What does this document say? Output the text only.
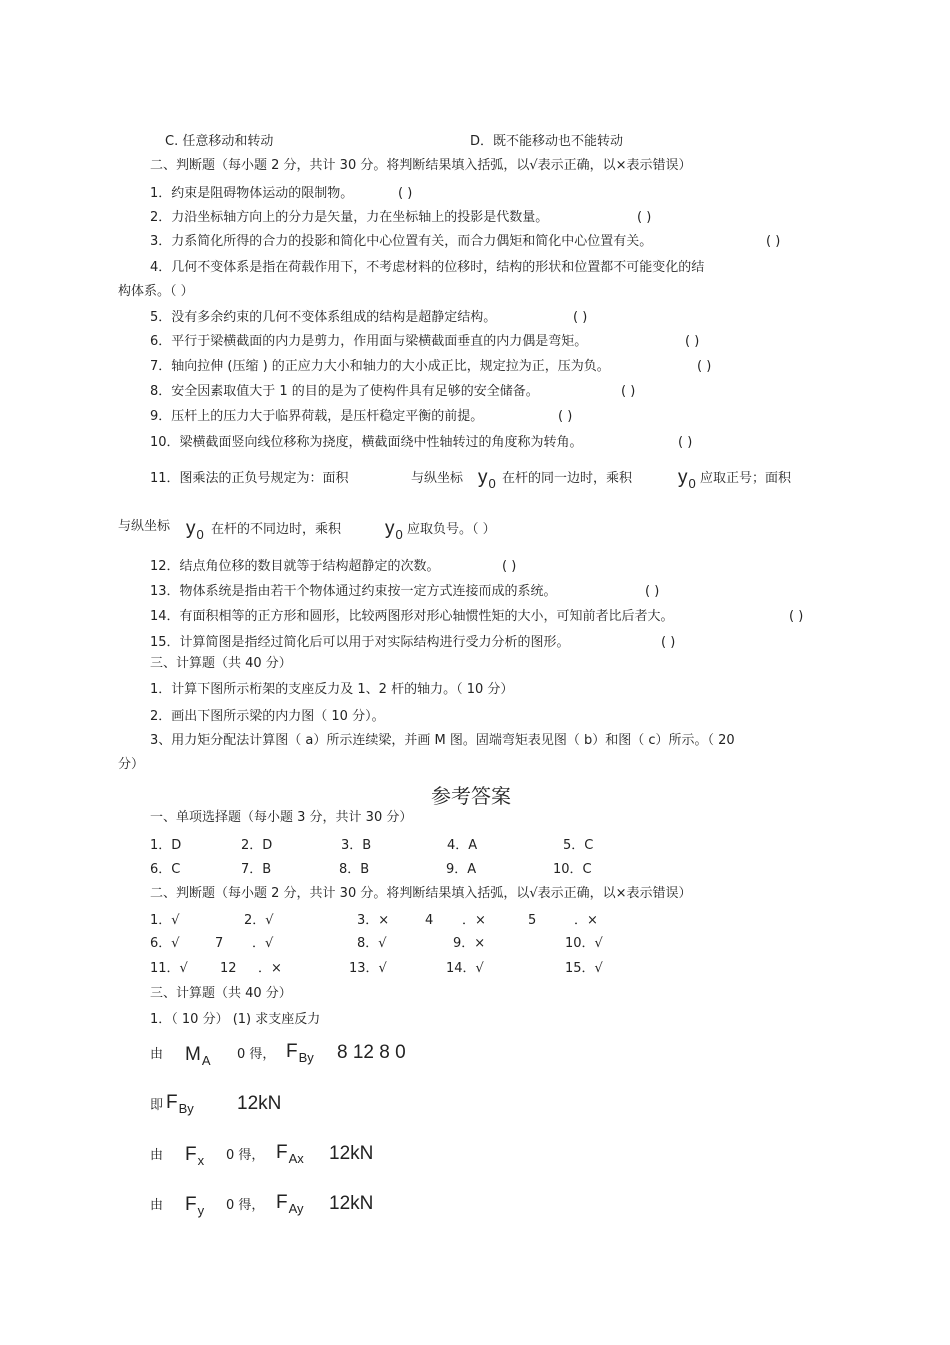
C. 任意移动和转动	D．既不能移动也不能转动
二、判断题（每小题 2 分，共计 30 分。将判断结果填入括弧，以√表示正确，以×表示错误）
1．约束是阻碍物体运动的限制物。	( )
2．力沿坐标轴方向上的分力是矢量，力在坐标轴上的投影是代数量。	( )
3．力系简化所得的合力的投影和简化中心位置有关，而合力偶矩和简化中心位置有关。	( )
4．几何不变体系是指在荷载作用下，不考虑材料的位移时，结构的形状和位置都不可能变化的结
构体系。（ ）
5．没有多余约束的几何不变体系组成的结构是超静定结构。	( )
6．平行于梁横截面的内力是剪力，作用面与梁横截面垂直的内力偶是弯矩。	( )
7．轴向拉伸 (压缩 ) 的正应力大小和轴力的大小成正比，规定拉为正，压为负。	( )
8．安全因素取值大于 1 的目的是为了使构件具有足够的安全储备。	( )
9．压杆上的压力大于临界荷载，是压杆稳定平衡的前提。	( )
10．梁横截面竖向线位移称为挠度，横截面绕中性轴转过的角度称为转角。	( )
11．图乘法的正负号规定为：面积	与纵坐标 $y_0$ 在杆的同一边时，乘积 $y_0$ 应取正号；面积
与纵坐标 $y_0$ 在杆的不同边时，乘积 $y_0$ 应取负号。（ ）
12．结点角位移的数目就等于结构超静定的次数。	( )
13．物体系统是指由若干个物体通过约束按一定方式连接而成的系统。	( )
14．有面积相等的正方形和圆形，比较两图形对形心轴惯性矩的大小，可知前者比后者大。	( )
15．计算简图是指经过简化后可以用于对实际结构进行受力分析的图形。	( )
三、计算题（共 40 分）
1．计算下图所示桁架的支座反力及 1、2 杆的轴力。（ 10 分）
2．画出下图所示梁的内力图（ 10 分）。
3、用力矩分配法计算图（ a）所示连续梁，并画 M 图。固端弯矩表见图（ b）和图（ c）所示。（ 20
分）
参考答案
一、单项选择题（每小题 3 分，共计 30 分）
1．D	2．D	3．B	4．A	5．C
6．C	7．B	8．B	9．A	10．C
二、判断题（每小题 2 分，共计 30 分。将判断结果填入括弧，以√表示正确，以×表示错误）
1．√	2．√	3．×	4 ．×	5	．×
6．√	7 ．√	8．√	9．×	10．√
11．√ 12 ．×	13．√	14．√	15．√
三、计算题（共 40 分）
1．（ 10 分） (1) 求支座反力
由 $M_A$ 0 得， $F_{By}$ 8 12 8 0
即 $F_{By}$ 12kN
由 $F_x$ 0 得， $F_{Ax}$ 12kN
由 $F_y$ 0 得， $F_{Ay}$ 12kN
